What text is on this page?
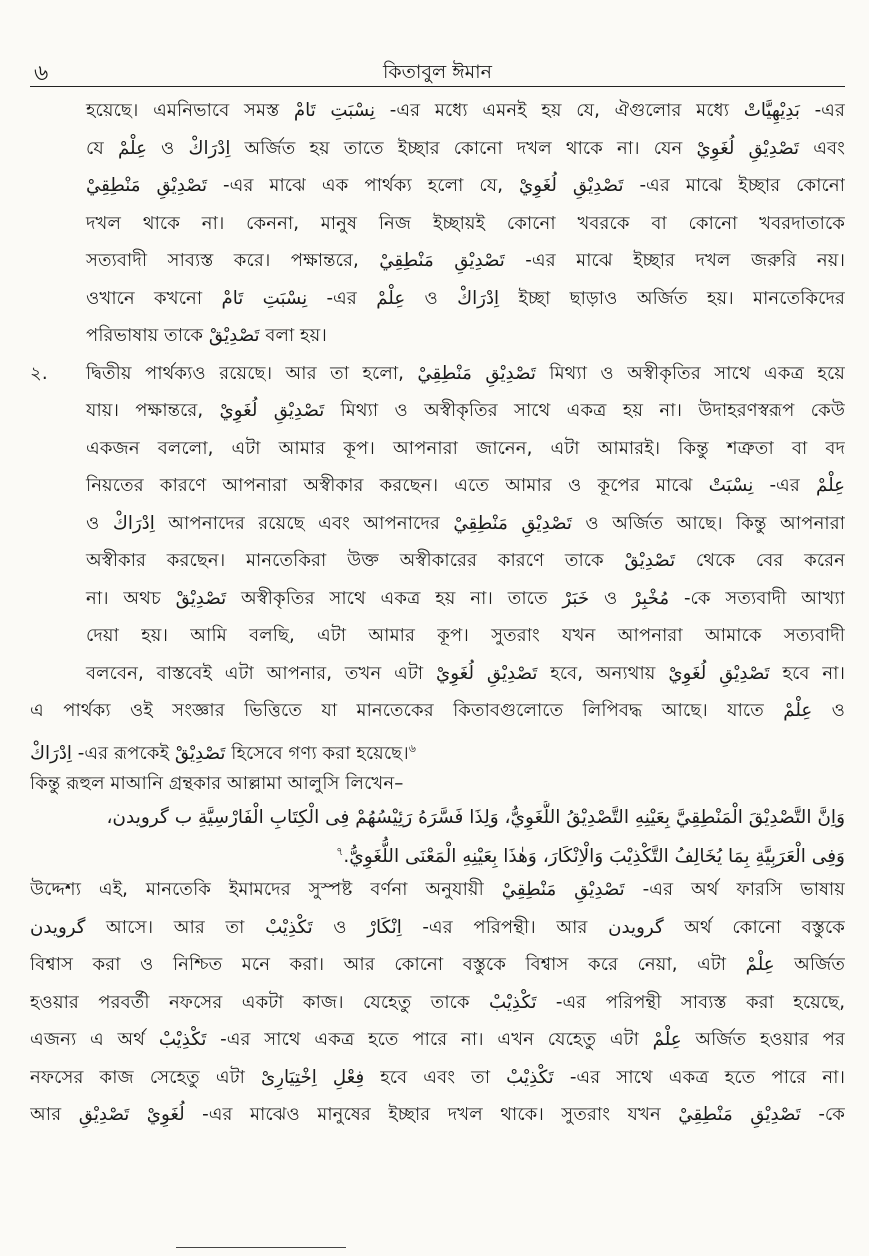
৬	কিতাবুল ঈমান
হয়েছে। এমনিভাবে সমস্ত نِسْبَتِ تَامْ -এর মধ্যে এমনই হয় যে, ঐগুলোর মধ্যে بَدِيْهِيَّاتْ -এর
যে عِلْمْ ও اِدْرَاكْ অর্জিত হয় তাতে ইচ্ছার কোনো দখল থাকে না। যেন تَصْدِيْقِ لُغَوِيْ এবং
تَصْدِيْقِ مَنْطِقِيْ -এর মাঝে এক পার্থক্য হলো যে, تَصْدِيْقِ لُغَوِيْ -এর মাঝে ইচ্ছার কোনো
দখল থাকে না। কেননা, মানুষ নিজ ইচ্ছায়ই কোনো খবরকে বা কোনো খবরদাতাকে
সত্যবাদী সাব্যস্ত করে। পক্ষান্তরে, تَصْدِيْقِ مَنْطِقِيْ -এর মাঝে ইচ্ছার দখল জরুরি নয়।
ওখানে কখনো نِسْبَتِ تَامْ -এর عِلْمْ ও اِدْرَاكْ ইচ্ছা ছাড়াও অর্জিত হয়। মানতেকিদের
পরিভাষায় তাকে تَصْدِيْقْ বলা হয়।
২.	দ্বিতীয় পার্থক্যও রয়েছে। আর তা হলো, تَصْدِيْقِ مَنْطِقِيْ মিথ্যা ও অস্বীকৃতির সাথে একত্র হয়ে
যায়। পক্ষান্তরে, تَصْدِيْقِ لُغَوِيْ মিথ্যা ও অস্বীকৃতির সাথে একত্র হয় না। উদাহরণস্বরূপ কেউ
একজন বললো, এটা আমার কূপ। আপনারা জানেন, এটা আমারই। কিন্তু শত্রুতা বা বদ
নিয়তের কারণে আপনারা অস্বীকার করছেন। এতে আমার ও কূপের মাঝে نِسْبَتْ -এর عِلْمْ
ও اِدْرَاكْ আপনাদের রয়েছে এবং আপনাদের تَصْدِيْقِ مَنْطِقِيْ ও অর্জিত আছে। কিন্তু আপনারা
অস্বীকার করছেন। মানতেকিরা উক্ত অস্বীকারের কারণে তাকে تَصْدِيْقْ থেকে বের করেন
না। অথচ تَصْدِيْقْ অস্বীকৃতির সাথে একত্র হয় না। তাতে خَبَرْ ও مُخْبِرْ -কে সত্যবাদী আখ্যা
দেয়া হয়। আমি বলছি, এটা আমার কূপ। সুতরাং যখন আপনারা আমাকে সত্যবাদী
বলবেন, বাস্তবেই এটা আপনার, তখন এটা تَصْدِيْقِ لُغَوِيْ হবে, অন্যথায় تَصْدِيْقِ لُغَوِيْ হবে না।
এ পার্থক্য ওই সংজ্ঞার ভিত্তিতে যা মানতেকের কিতাবগুলোতে লিপিবদ্ধ আছে। যাতে عِلْمْ ও
اِدْرَاكْ -এর রূপকেই تَصْدِيْقْ হিসেবে গণ্য করা হয়েছে।$^৬$
কিন্তু রূহুল মাআনি গ্রন্থকার আল্লামা আলুসি লিখেন–
وَاِنَّ التَّصْدِيْقَ الْمَنْطِقِيَّ بِعَيْنِهِ التَّصْدِيْقُ اللُّغَوِيُّ، وَلِذَا فَسَّرَهُ رَئِيْسُهُمْ فِى الْكِتَابِ الْفَارْسِيَّةِ ب گرويدن،
وَفِى الْعَرَبِيَّةِ بِمَا يُخَالِفُ التَّكْذِيْبَ وَالْاِنْكَارَ، وَهٰذَا بِعَيْنِهِ الْمَعْنَى اللُّغَوِيُّ.$^৭$
উদ্দেশ্য এই, মানতেকি ইমামদের সুস্পষ্ট বর্ণনা অনুযায়ী تَصْدِيْقِ مَنْطِقِيْ -এর অর্থ ফারসি ভাষায়
گرويدن আসে। আর তা تَكْذِيْبْ ও اِنْكَارْ -এর পরিপন্থী। আর گرويدن অর্থ কোনো বস্তুকে
বিশ্বাস করা ও নিশ্চিত মনে করা। আর কোনো বস্তুকে বিশ্বাস করে নেয়া, এটা عِلْمْ অর্জিত
হওয়ার পরবর্তী নফসের একটা কাজ। যেহেতু তাকে تَكْذِيْبْ -এর পরিপন্থী সাব্যস্ত করা হয়েছে,
এজন্য এ অর্থ تَكْذِيْبْ -এর সাথে একত্র হতে পারে না। এখন যেহেতু এটা عِلْمْ অর্জিত হওয়ার পর
নফসের কাজ সেহেতু এটা فِعْلِ اِخْتِيَارِىْ হবে এবং তা تَكْذِيْبْ -এর সাথে একত্র হতে পারে না।
আর لُغَوِيْ تَصْدِيْقِ -এর মাঝেও মানুষের ইচ্ছার দখল থাকে। সুতরাং যখন تَصْدِيْقِ مَنْطِقِيْ -কে
